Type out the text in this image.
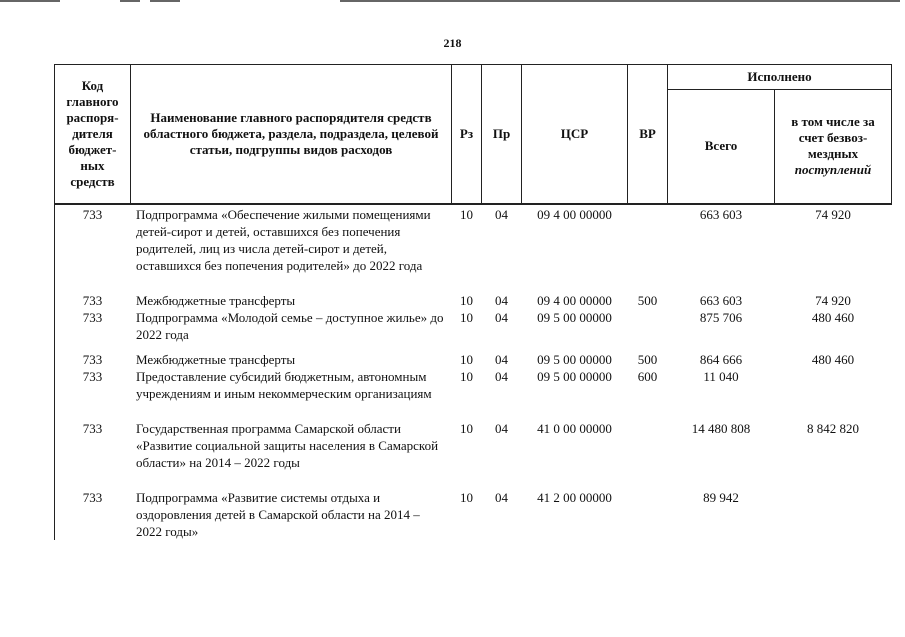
218
Код главного распоря-дителя бюджет-ных средств	Наименование главного распорядителя средств областного бюджета, раздела, подраздела, целевой статьи, подгруппы видов расходов	Рз	Пр	ЦСР	ВР	Исполнено	
						Всего	в том числе за счет безвоз-мездных поступлений
733	Подпрограмма «Обеспечение жилыми помещениями детей-сирот и детей, оставшихся без попечения родителей, лиц из числа детей-сирот и детей, оставшихся без попечения родителей» до 2022 года	10	04	09 4 00 00000		663 603	74 920
733	Межбюджетные трансферты	10	04	09 4 00 00000	500	663 603	74 920
733	Подпрограмма «Молодой семье – доступное жилье» до 2022 года	10	04	09 5 00 00000		875 706	480 460
733	Межбюджетные трансферты	10	04	09 5 00 00000	500	864 666	480 460
733	Предоставление субсидий бюджетным, автономным учреждениям и иным некоммерческим организациям	10	04	09 5 00 00000	600	11 040	
733	Государственная программа Самарской области «Развитие социальной защиты населения в Самарской области» на 2014 – 2022 годы	10	04	41 0 00 00000		14 480 808	8 842 820
733	Подпрограмма «Развитие системы отдыха и оздоровления детей в Самарской области на 2014 – 2022 годы»	10	04	41 2 00 00000		89 942	
